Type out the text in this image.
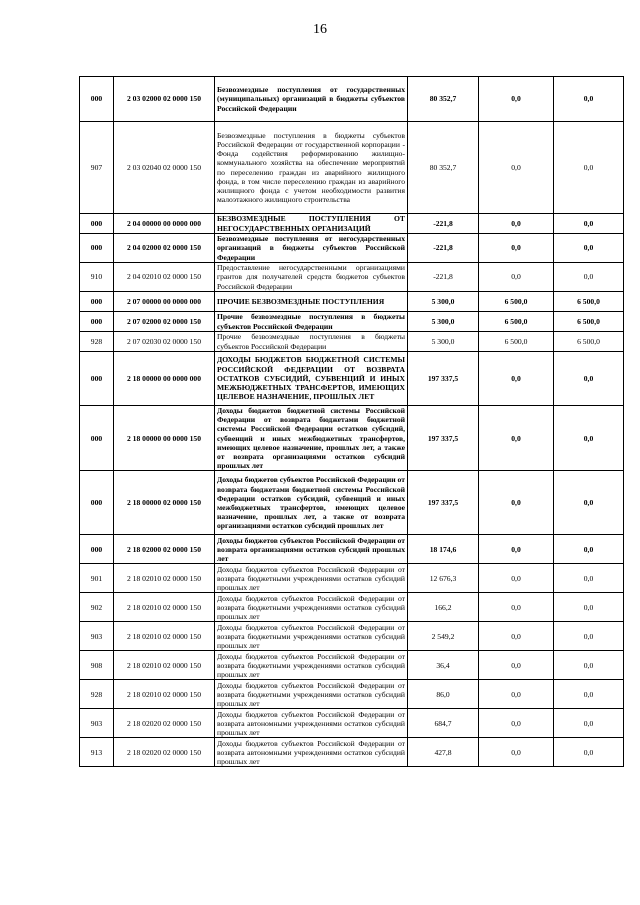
16
000	2 03 02000 02 0000 150	Безвозмездные поступления от государственных (муниципальных) организаций в бюджеты субъектов Российской Федерации	80 352,7	0,0	0,0
907	2 03 02040 02 0000 150	Безвозмездные поступления в бюджеты субъектов Российской Федерации от государственной корпорации - Фонда содействия реформированию жилищно-коммунального хозяйства на обеспечение мероприятий по переселению граждан из аварийного жилищного фонда, в том числе переселению граждан из аварийного жилищного фонда с учетом необходимости развития малоэтажного жилищного строительства	80 352,7	0,0	0,0
000	2 04 00000 00 0000 000	БЕЗВОЗМЕЗДНЫЕ ПОСТУПЛЕНИЯ ОТ НЕГОСУДАРСТВЕННЫХ ОРГАНИЗАЦИЙ	-221,8	0,0	0,0
000	2 04 02000 02 0000 150	Безвозмездные поступления от негосударственных организаций в бюджеты субъектов Российской Федерации	-221,8	0,0	0,0
910	2 04 02010 02 0000 150	Предоставление негосударственными организациями грантов для получателей средств бюджетов субъектов Российской Федерации	-221,8	0,0	0,0
000	2 07 00000 00 0000 000	ПРОЧИЕ БЕЗВОЗМЕЗДНЫЕ ПОСТУПЛЕНИЯ	5 300,0	6 500,0	6 500,0
000	2 07 02000 02 0000 150	Прочие безвозмездные поступления в бюджеты субъектов Российской Федерации	5 300,0	6 500,0	6 500,0
928	2 07 02030 02 0000 150	Прочие безвозмездные поступления в бюджеты субъектов Российской Федерации	5 300,0	6 500,0	6 500,0
000	2 18 00000 00 0000 000	ДОХОДЫ БЮДЖЕТОВ БЮДЖЕТНОЙ СИСТЕМЫ РОССИЙСКОЙ ФЕДЕРАЦИИ ОТ ВОЗВРАТА ОСТАТКОВ СУБСИДИЙ, СУБВЕНЦИЙ И ИНЫХ МЕЖБЮДЖЕТНЫХ ТРАНСФЕРТОВ, ИМЕЮЩИХ ЦЕЛЕВОЕ НАЗНАЧЕНИЕ, ПРОШЛЫХ ЛЕТ	197 337,5	0,0	0,0
000	2 18 00000 00 0000 150	Доходы бюджетов бюджетной системы Российской Федерации от возврата бюджетами бюджетной системы Российской Федерации остатков субсидий, субвенций и иных межбюджетных трансфертов, имеющих целевое назначение, прошлых лет, а также от возврата организациями остатков субсидий прошлых лет	197 337,5	0,0	0,0
000	2 18 00000 02 0000 150	Доходы бюджетов субъектов Российской Федерации от возврата бюджетами бюджетной системы Российской Федерации остатков субсидий, субвенций и иных межбюджетных трансфертов, имеющих целевое назначение, прошлых лет, а также от возврата организациями остатков субсидий прошлых лет	197 337,5	0,0	0,0
000	2 18 02000 02 0000 150	Доходы бюджетов субъектов Российской Федерации от возврата организациями остатков субсидий прошлых лет	18 174,6	0,0	0,0
901	2 18 02010 02 0000 150	Доходы бюджетов субъектов Российской Федерации от возврата бюджетными учреждениями остатков субсидий прошлых лет	12 676,3	0,0	0,0
902	2 18 02010 02 0000 150	Доходы бюджетов субъектов Российской Федерации от возврата бюджетными учреждениями остатков субсидий прошлых лет	166,2	0,0	0,0
903	2 18 02010 02 0000 150	Доходы бюджетов субъектов Российской Федерации от возврата бюджетными учреждениями остатков субсидий прошлых лет	2 549,2	0,0	0,0
908	2 18 02010 02 0000 150	Доходы бюджетов субъектов Российской Федерации от возврата бюджетными учреждениями остатков субсидий прошлых лет	36,4	0,0	0,0
928	2 18 02010 02 0000 150	Доходы бюджетов субъектов Российской Федерации от возврата бюджетными учреждениями остатков субсидий прошлых лет	86,0	0,0	0,0
903	2 18 02020 02 0000 150	Доходы бюджетов субъектов Российской Федерации от возврата автономными учреждениями остатков субсидий прошлых лет	684,7	0,0	0,0
913	2 18 02020 02 0000 150	Доходы бюджетов субъектов Российской Федерации от возврата автономными учреждениями остатков субсидий прошлых лет	427,8	0,0	0,0
